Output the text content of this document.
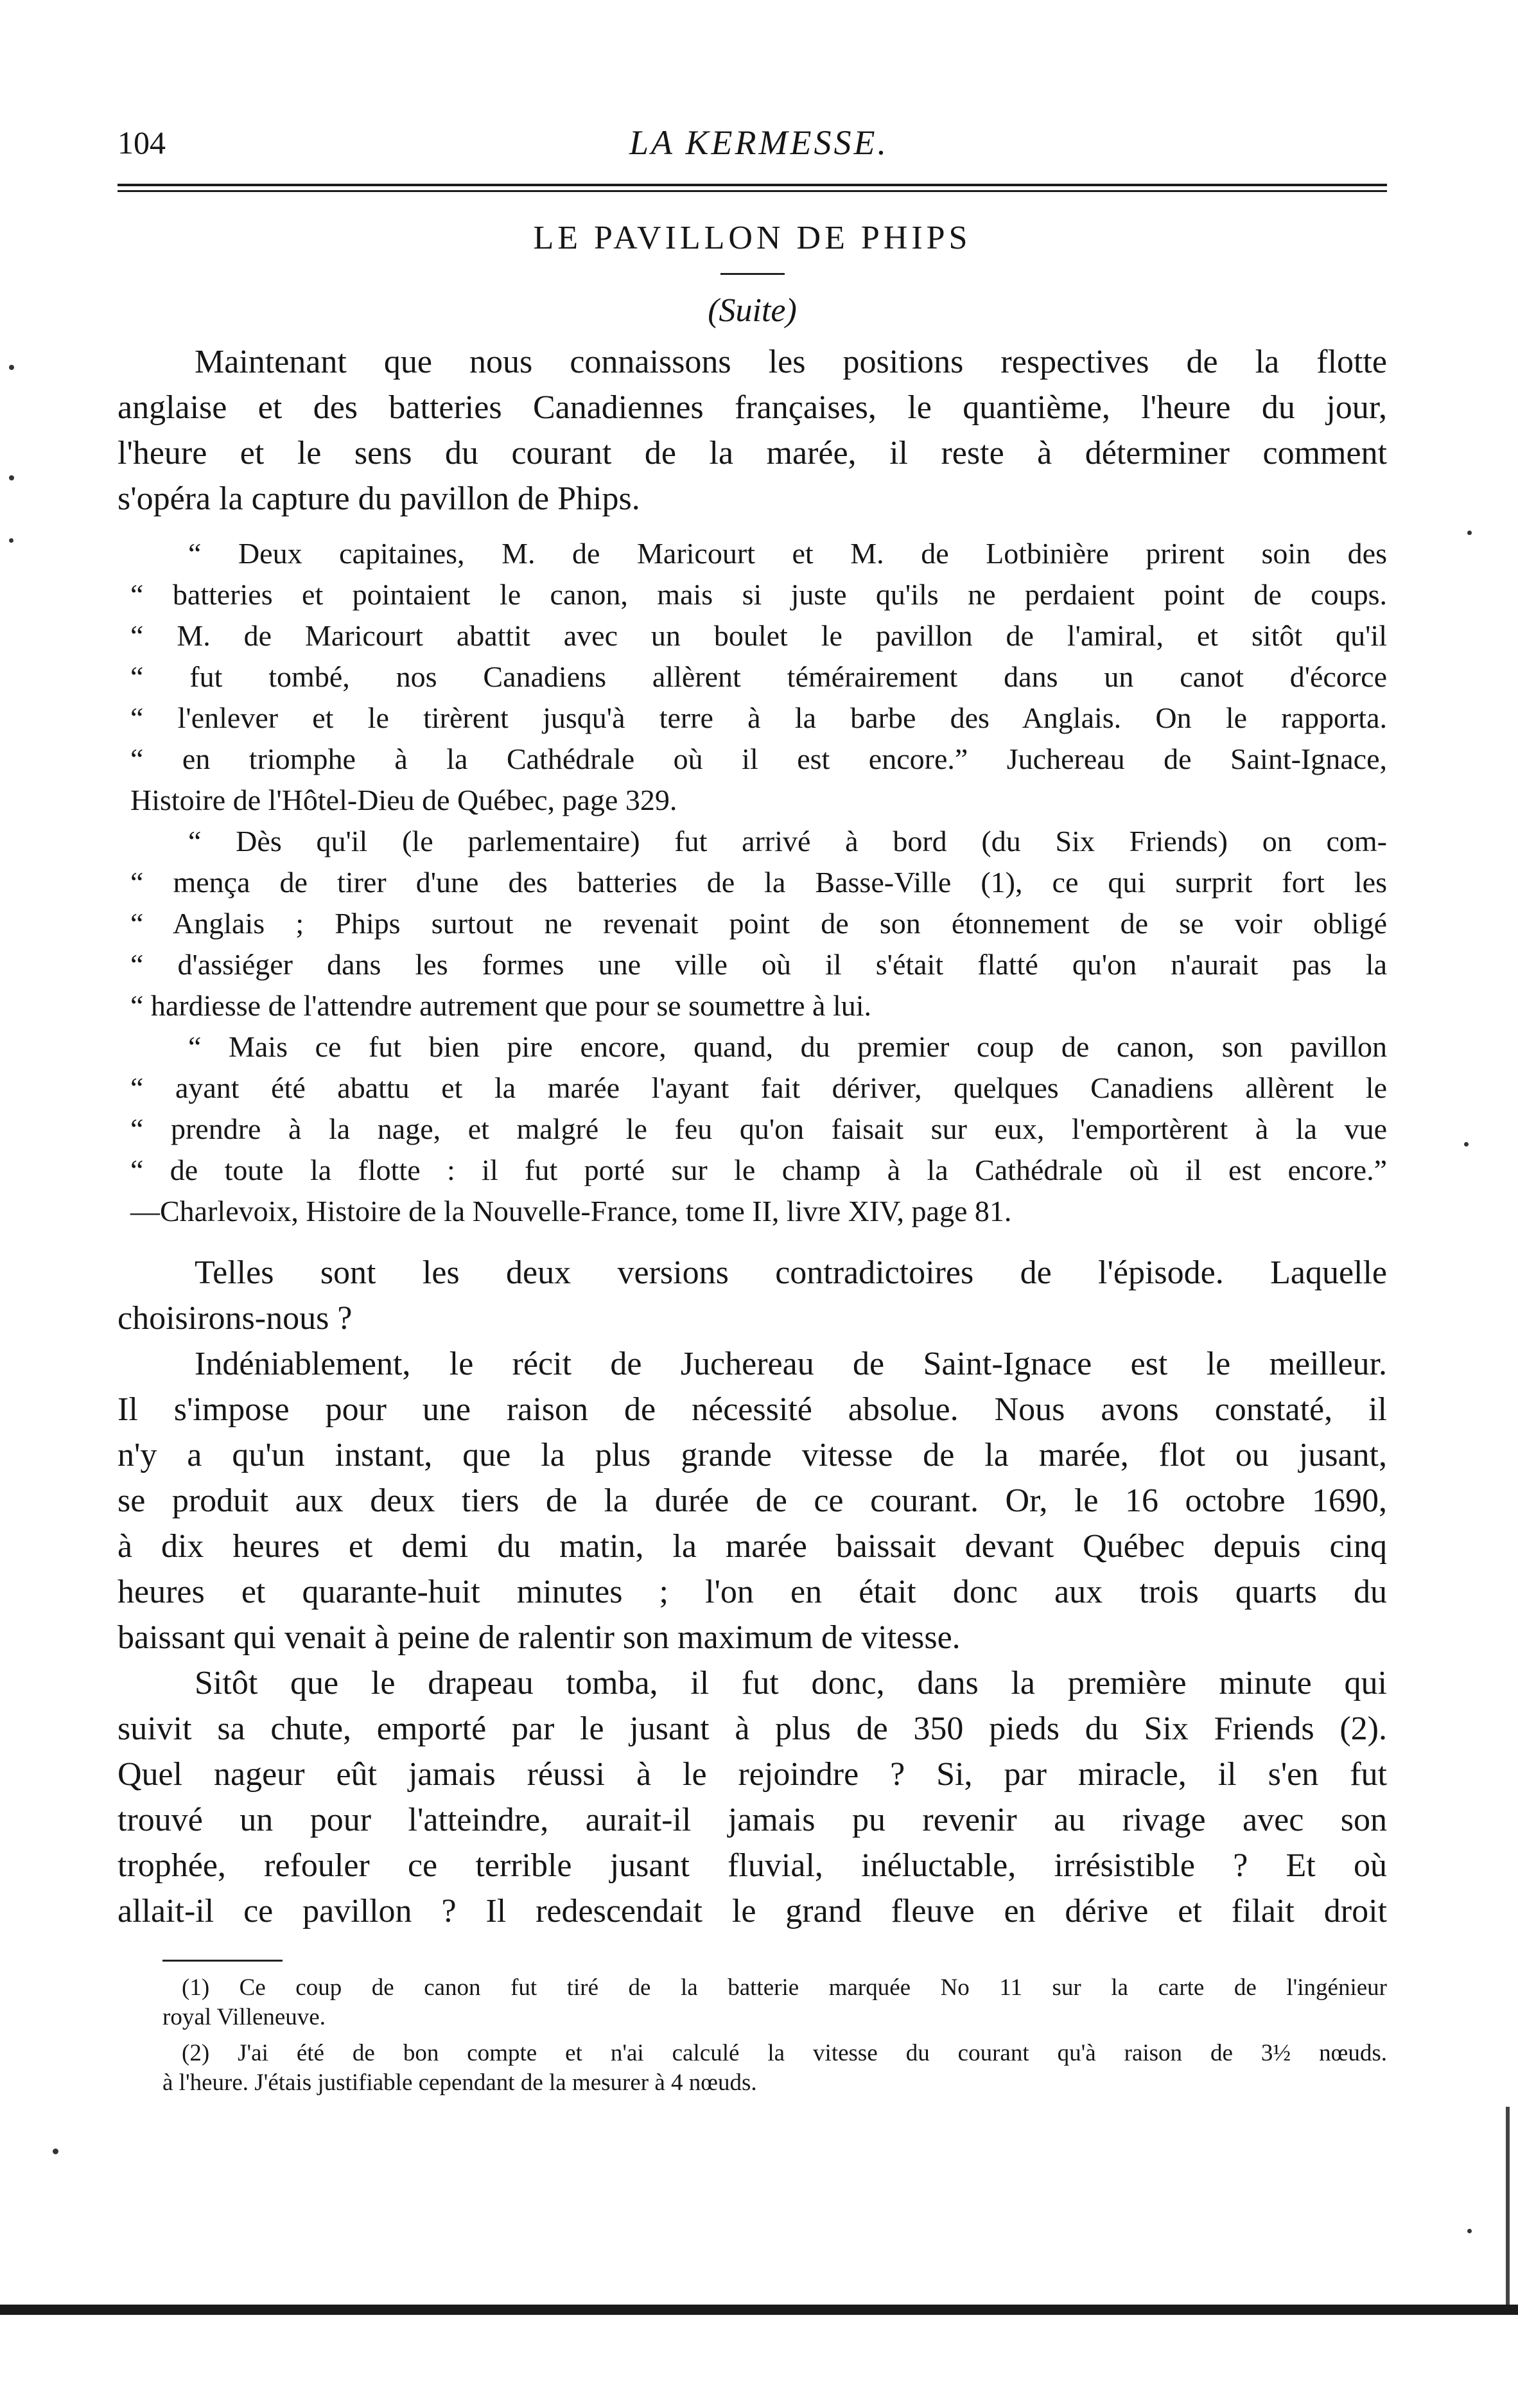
104	LA KERMESSE.
LE PAVILLON DE PHIPS
(Suite)
Maintenant que nous connaissons les positions respectives de la flotte
anglaise et des batteries Canadiennes françaises, le quantième, l'heure du jour,
l'heure et le sens du courant de la marée, il reste à déterminer comment
s'opéra la capture du pavillon de Phips.
“ Deux capitaines, M. de Maricourt et M. de Lotbinière prirent soin des
“ batteries et pointaient le canon, mais si juste qu'ils ne perdaient point de coups.
“ M. de Maricourt abattit avec un boulet le pavillon de l'amiral, et sitôt qu'il
“ fut tombé, nos Canadiens allèrent témérairement dans un canot d'écorce
“ l'enlever et le tirèrent jusqu'à terre à la barbe des Anglais. On le rapporta.
“ en triomphe à la Cathédrale où il est encore.” Juchereau de Saint-Ignace,
Histoire de l'Hôtel-Dieu de Québec, page 329.
“ Dès qu'il (le parlementaire) fut arrivé à bord (du Six Friends) on com-
“ mença de tirer d'une des batteries de la Basse-Ville (1), ce qui surprit fort les
“ Anglais ; Phips surtout ne revenait point de son étonnement de se voir obligé
“ d'assiéger dans les formes une ville où il s'était flatté qu'on n'aurait pas la
“ hardiesse de l'attendre autrement que pour se soumettre à lui.
“ Mais ce fut bien pire encore, quand, du premier coup de canon, son pavillon
“ ayant été abattu et la marée l'ayant fait dériver, quelques Canadiens allèrent le
“ prendre à la nage, et malgré le feu qu'on faisait sur eux, l'emportèrent à la vue
“ de toute la flotte : il fut porté sur le champ à la Cathédrale où il est encore.”
—Charlevoix, Histoire de la Nouvelle-France, tome II, livre XIV, page 81.
Telles sont les deux versions contradictoires de l'épisode. Laquelle
choisirons-nous ?
Indéniablement, le récit de Juchereau de Saint-Ignace est le meilleur.
Il s'impose pour une raison de nécessité absolue. Nous avons constaté, il
n'y a qu'un instant, que la plus grande vitesse de la marée, flot ou jusant,
se produit aux deux tiers de la durée de ce courant. Or, le 16 octobre 1690,
à dix heures et demi du matin, la marée baissait devant Québec depuis cinq
heures et quarante-huit minutes ; l'on en était donc aux trois quarts du
baissant qui venait à peine de ralentir son maximum de vitesse.
Sitôt que le drapeau tomba, il fut donc, dans la première minute qui
suivit sa chute, emporté par le jusant à plus de 350 pieds du Six Friends (2).
Quel nageur eût jamais réussi à le rejoindre ? Si, par miracle, il s'en fut
trouvé un pour l'atteindre, aurait-il jamais pu revenir au rivage avec son
trophée, refouler ce terrible jusant fluvial, inéluctable, irrésistible ? Et où
allait-il ce pavillon ? Il redescendait le grand fleuve en dérive et filait droit
(1) Ce coup de canon fut tiré de la batterie marquée No 11 sur la carte de l'ingénieur
royal Villeneuve.
(2) J'ai été de bon compte et n'ai calculé la vitesse du courant qu'à raison de 3½ nœuds.
à l'heure. J'étais justifiable cependant de la mesurer à 4 nœuds.
